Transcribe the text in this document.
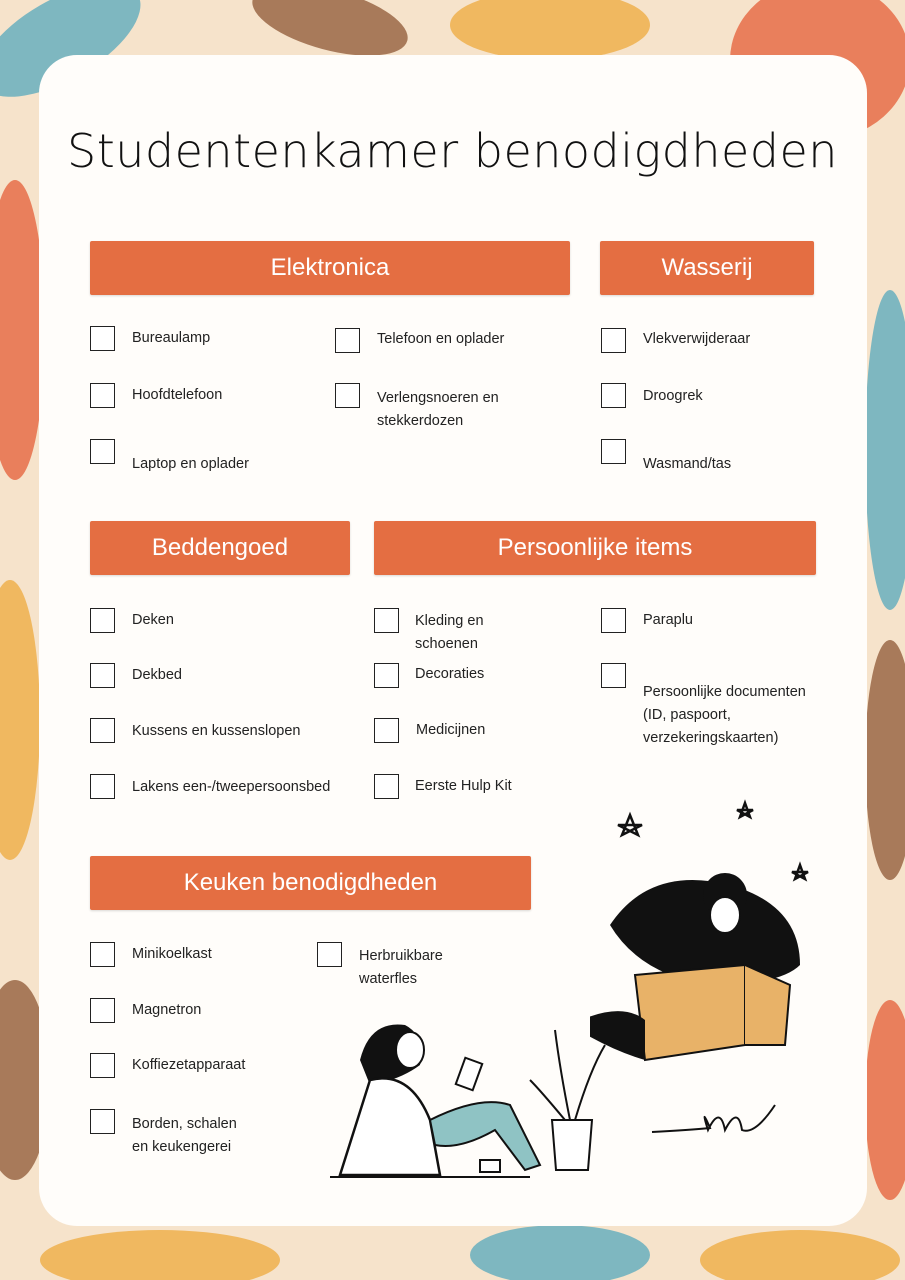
Studentenkamer benodigdheden
Elektronica	Wasserij
Beddengoed	Persoonlijke items
Keuken benodigdheden
Bureaulamp
Hoofdtelefoon
Laptop en oplader
Telefoon en oplader
Verlengsnoeren en
stekkerdozen
Vlekverwijderaar
Droogrek
Wasmand/tas
Deken
Dekbed
Kussens en kussenslopen
Lakens een-/tweepersoonsbed
Kleding en
schoenen
Decoraties
Medicijnen
Eerste Hulp Kit
Paraplu
Persoonlijke documenten
(ID, paspoort,
verzekeringskaarten)
Minikoelkast
Magnetron
Koffiezetapparaat
Borden, schalen
en keukengerei
Herbruikbare
waterfles
